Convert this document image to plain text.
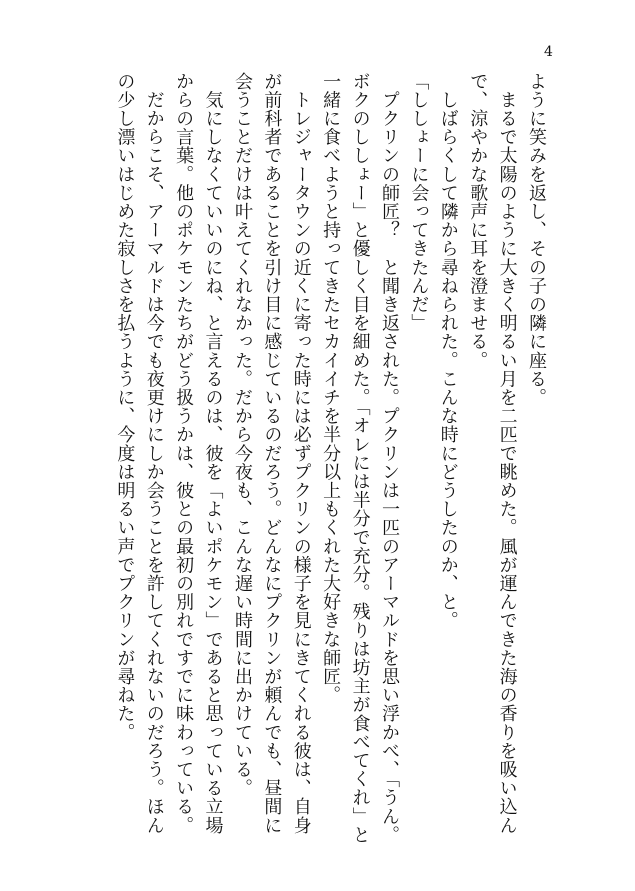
4
ように笑みを返し、その子の隣に座る。
　まるで太陽のように大きく明るい月を二匹で眺めた。風が運んできた海の香りを吸い込ん
で、涼やかな歌声に耳を澄ませる。
　しばらくして隣から尋ねられた。こんな時にどうしたのか、と。
「ししょーに会ってきたんだ」
　プクリンの師匠？　と聞き返された。プクリンは一匹のアーマルドを思い浮かべ、「うん。
ボクのししょー」と優しく目を細めた。「オレには半分で充分。残りは坊主が食べてくれ」と
一緒に食べようと持ってきたセカイイチを半分以上もくれた大好きな師匠。
　トレジャータウンの近くに寄った時には必ずプクリンの様子を見にきてくれる彼は、自身
が前科者であることを引け目に感じているのだろう。どんなにプクリンが頼んでも、昼間に
会うことだけは叶えてくれなかった。だから今夜も、こんな遅い時間に出かけている。
　気にしなくていいのにね、と言えるのは、彼を「よいポケモン」であると思っている立場
からの言葉。他のポケモンたちがどう扱うかは、彼との最初の別れですでに味わっている。
　だからこそ、アーマルドは今でも夜更けにしか会うことを許してくれないのだろう。ほん
の少し漂いはじめた寂しさを払うように、今度は明るい声でプクリンが尋ねた。
